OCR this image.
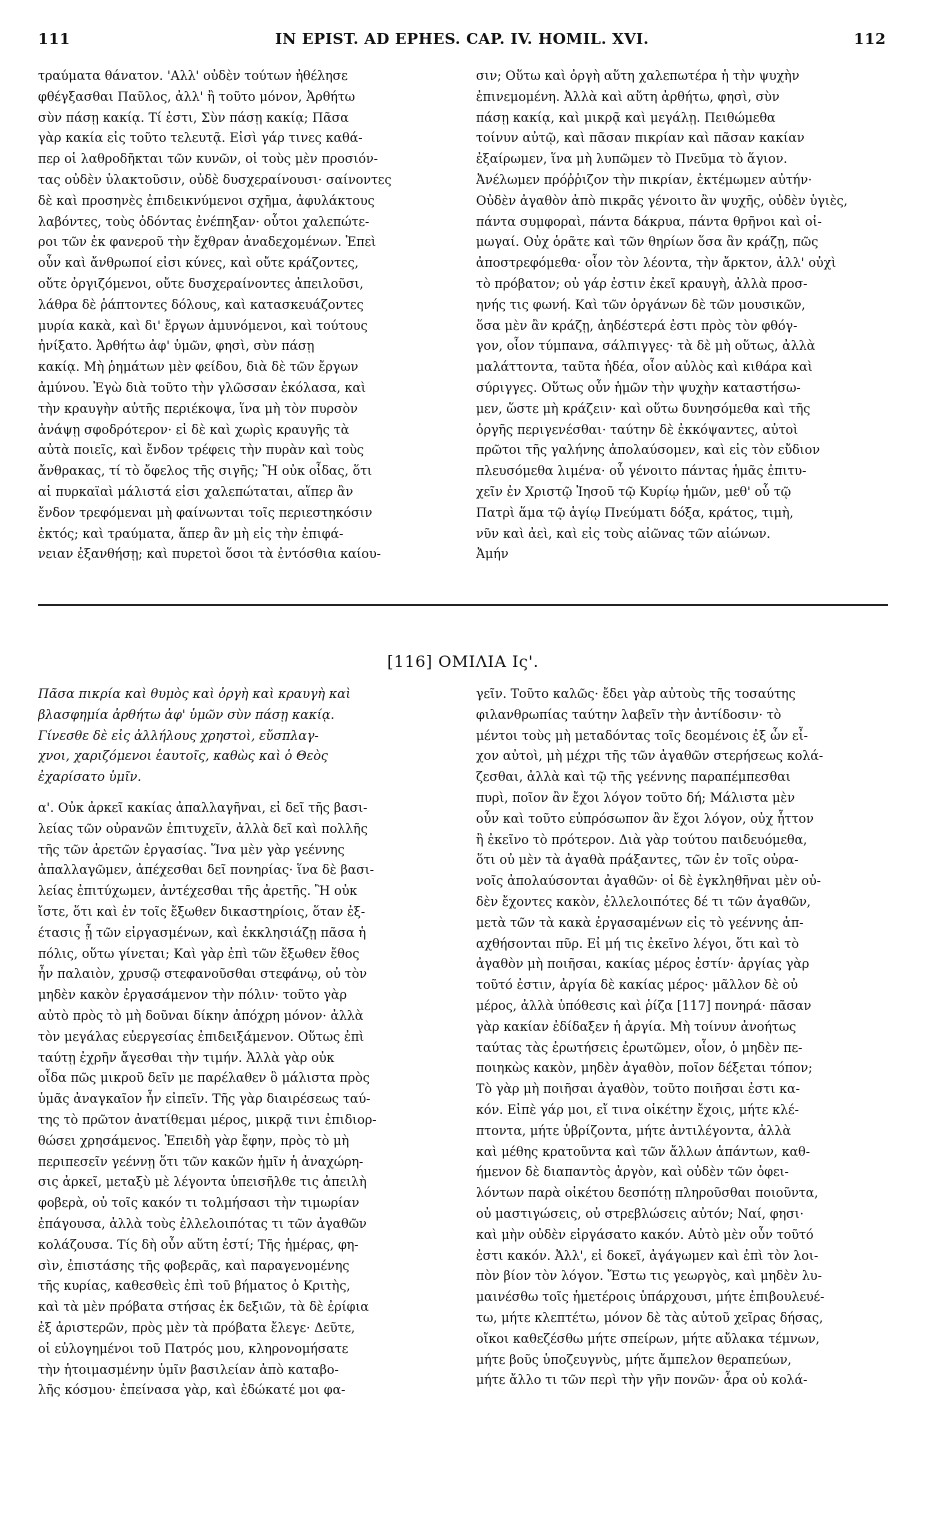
111	IN EPIST. AD EPHES. CAP. IV. HOMIL. XVI.	112
τραύματα θάνατον. 'Αλλ' οὐδὲν τούτων ἠθέλησε
φθέγξασθαι Παῦλος, ἀλλ' ἢ τοῦτο μόνον, Ἀρθήτω
σὺν πάσῃ κακίᾳ. Τί ἐστι, Σὺν πάσῃ κακίᾳ; Πᾶσα
γὰρ κακία εἰς τοῦτο τελευτᾷ. Εἰσὶ γάρ τινες καθά-
περ οἱ λαθροδῆκται τῶν κυνῶν, οἱ τοὺς μὲν προσιόν-
τας οὐδὲν ὑλακτοῦσιν, οὐδὲ δυσχεραίνουσι· σαίνοντες
δὲ καὶ προσηνὲς ἐπιδεικνύμενοι σχῆμα, ἀφυλάκτους
λαβόντες, τοὺς ὀδόντας ἐνέπηξαν· οὗτοι χαλεπώτε-
ροι τῶν ἐκ φανεροῦ τὴν ἔχθραν ἀναδεχομένων. Ἐπεὶ
οὖν καὶ ἄνθρωποί εἰσι κύνες, καὶ οὔτε κράζοντες,
οὔτε ὀργιζόμενοι, οὔτε δυσχεραίνοντες ἀπειλοῦσι,
λάθρα δὲ ῥάπτοντες δόλους, καὶ κατασκευάζοντες
μυρία κακὰ, καὶ δι' ἔργων ἀμυνόμενοι, καὶ τούτους
ἠνίξατο. Ἀρθήτω ἀφ' ὑμῶν, φησὶ, σὺν πάσῃ
κακίᾳ. Μὴ ῥημάτων μὲν φείδου, διὰ δὲ τῶν ἔργων
ἀμύνου. Ἐγὼ διὰ τοῦτο τὴν γλῶσσαν ἐκόλασα, καὶ
τὴν κραυγὴν αὐτῆς περιέκοψα, ἵνα μὴ τὸν πυρσὸν
ἀνάψῃ σφοδρότερον· εἰ δὲ καὶ χωρὶς κραυγῆς τὰ
αὐτὰ ποιεῖς, καὶ ἔνδον τρέφεις τὴν πυρὰν καὶ τοὺς
ἄνθρακας, τί τὸ ὄφελος τῆς σιγῆς; Ἢ οὐκ οἶδας, ὅτι
αἱ πυρκαϊαὶ μάλιστά εἰσι χαλεπώταται, αἵπερ ἂν
ἔνδον τρεφόμεναι μὴ φαίνωνται τοῖς περιεστηκόσιν
ἐκτός; καὶ τραύματα, ἅπερ ἂν μὴ εἰς τὴν ἐπιφά-
νειαν ἐξανθήσῃ; καὶ πυρετοὶ ὅσοι τὰ ἐντόσθια καίου-
σιν; Οὕτω καὶ ὀργὴ αὕτη χαλεπωτέρα ἡ τὴν ψυχὴν
ἐπινεμομένη. Ἀλλὰ καὶ αὕτη ἀρθήτω, φησὶ, σὺν
πάσῃ κακίᾳ, καὶ μικρᾷ καὶ μεγάλῃ. Πειθώμεθα
τοίνυν αὐτῷ, καὶ πᾶσαν πικρίαν καὶ πᾶσαν κακίαν
ἐξαίρωμεν, ἵνα μὴ λυπῶμεν τὸ Πνεῦμα τὸ ἅγιον.
Ἀνέλωμεν πρόῤῥιζον τὴν πικρίαν, ἐκτέμωμεν αὐτήν·
Οὐδὲν ἀγαθὸν ἀπὸ πικρᾶς γένοιτο ἂν ψυχῆς, οὐδὲν ὑγιὲς,
πάντα συμφοραὶ, πάντα δάκρυα, πάντα θρῆνοι καὶ οἰ-
μωγαί. Οὐχ ὁρᾶτε καὶ τῶν θηρίων ὅσα ἂν κράζῃ, πῶς
ἀποστρεφόμεθα· οἷον τὸν λέοντα, τὴν ἄρκτον, ἀλλ' οὐχὶ
τὸ πρόβατον; οὐ γάρ ἐστιν ἐκεῖ κραυγὴ, ἀλλὰ προσ-
ηνής τις φωνή. Καὶ τῶν ὀργάνων δὲ τῶν μουσικῶν,
ὅσα μὲν ἂν κράζῃ, ἀηδέστερά ἐστι πρὸς τὸν φθόγ-
γον, οἷον τύμπανα, σάλπιγγες· τὰ δὲ μὴ οὕτως, ἀλλὰ
μαλάττοντα, ταῦτα ἡδέα, οἷον αὐλὸς καὶ κιθάρα καὶ
σύριγγες. Οὕτως οὖν ἡμῶν τὴν ψυχὴν καταστήσω-
μεν, ὥστε μὴ κράζειν· καὶ οὕτω δυνησόμεθα καὶ τῆς
ὀργῆς περιγενέσθαι· ταύτην δὲ ἐκκόψαντες, αὐτοὶ
πρῶτοι τῆς γαλήνης ἀπολαύσομεν, καὶ εἰς τὸν εὔδιον
πλευσόμεθα λιμένα· οὗ γένοιτο πάντας ἡμᾶς ἐπιτυ-
χεῖν ἐν Χριστῷ Ἰησοῦ τῷ Κυρίῳ ἡμῶν, μεθ' οὗ τῷ
Πατρὶ ἅμα τῷ ἁγίῳ Πνεύματι δόξα, κράτος, τιμὴ,
νῦν καὶ ἀεὶ, καὶ εἰς τοὺς αἰῶνας τῶν αἰώνων.
Ἀμήν
[116] ΟΜΙΛΙΑ Ις'.
Πᾶσα πικρία καὶ θυμὸς καὶ ὀργὴ καὶ κραυγὴ καὶ
βλασφημία ἀρθήτω ἀφ' ὑμῶν σὺν πάσῃ κακίᾳ.
Γίνεσθε δὲ εἰς ἀλλήλους χρηστοὶ, εὔσπλαγ-
χνοι, χαριζόμενοι ἑαυτοῖς, καθὼς καὶ ὁ Θεὸς
ἐχαρίσατο ὑμῖν.
α'. Οὐκ ἀρκεῖ κακίας ἀπαλλαγῆναι, εἰ δεῖ τῆς βασι-
λείας τῶν οὐρανῶν ἐπιτυχεῖν, ἀλλὰ δεῖ καὶ πολλῆς
τῆς τῶν ἀρετῶν ἐργασίας. Ἵνα μὲν γὰρ γεέννης
ἀπαλλαγῶμεν, ἀπέχεσθαι δεῖ πονηρίας· ἵνα δὲ βασι-
λείας ἐπιτύχωμεν, ἀντέχεσθαι τῆς ἀρετῆς. Ἢ οὐκ
ἴστε, ὅτι καὶ ἐν τοῖς ἔξωθεν δικαστηρίοις, ὅταν ἐξ-
έτασις ᾖ τῶν εἰργασμένων, καὶ ἐκκλησιάζῃ πᾶσα ἡ
πόλις, οὕτω γίνεται; Καὶ γὰρ ἐπὶ τῶν ἔξωθεν ἔθος
ἦν παλαιὸν, χρυσῷ στεφανοῦσθαι στεφάνῳ, οὐ τὸν
μηδὲν κακὸν ἐργασάμενον τὴν πόλιν· τοῦτο γὰρ
αὐτὸ πρὸς τὸ μὴ δοῦναι δίκην ἀπόχρη μόνον· ἀλλὰ
τὸν μεγάλας εὐεργεσίας ἐπιδειξάμενον. Οὕτως ἐπὶ
ταύτῃ ἐχρῆν ἄγεσθαι τὴν τιμήν. Ἀλλὰ γὰρ οὐκ
οἶδα πῶς μικροῦ δεῖν με παρέλαθεν ὃ μάλιστα πρὸς
ὑμᾶς ἀναγκαῖον ἦν εἰπεῖν. Τῆς γὰρ διαιρέσεως ταύ-
της τὸ πρῶτον ἀνατίθεμαι μέρος, μικρᾷ τινι ἐπιδιορ-
θώσει χρησάμενος. Ἐπειδὴ γὰρ ἔφην, πρὸς τὸ μὴ
περιπεσεῖν γεέννῃ ὅτι τῶν κακῶν ἡμῖν ἡ ἀναχώρη-
σις ἀρκεῖ, μεταξὺ μὲ λέγοντα ὑπεισῆλθε τις ἀπειλὴ
φοβερὰ, οὐ τοῖς κακόν τι τολμήσασι τὴν τιμωρίαν
ἐπάγουσα, ἀλλὰ τοὺς ἐλλελοιπότας τι τῶν ἀγαθῶν
κολάζουσα. Τίς δὴ οὖν αὕτη ἐστί; Τῆς ἡμέρας, φη-
σὶν, ἐπιστάσης τῆς φοβερᾶς, καὶ παραγενομένης
τῆς κυρίας, καθεσθεὶς ἐπὶ τοῦ βήματος ὁ Κριτὴς,
καὶ τὰ μὲν πρόβατα στήσας ἐκ δεξιῶν, τὰ δὲ ἐρίφια
ἐξ ἀριστερῶν, πρὸς μὲν τὰ πρόβατα ἔλεγε· Δεῦτε,
οἱ εὐλογημένοι τοῦ Πατρός μου, κληρονομήσατε
τὴν ἡτοιμασμένην ὑμῖν βασιλείαν ἀπὸ καταβο-
λῆς κόσμου· ἐπείνασα γὰρ, καὶ ἐδώκατέ μοι φα-
γεῖν. Τοῦτο καλῶς· ἔδει γὰρ αὐτοὺς τῆς τοσαύτης
φιλανθρωπίας ταύτην λαβεῖν τὴν ἀντίδοσιν· τὸ
μέντοι τοὺς μὴ μεταδόντας τοῖς δεομένοις ἐξ ὧν εἶ-
χον αὐτοὶ, μὴ μέχρι τῆς τῶν ἀγαθῶν στερήσεως κολά-
ζεσθαι, ἀλλὰ καὶ τῷ τῆς γεέννης παραπέμπεσθαι
πυρὶ, ποῖον ἂν ἔχοι λόγον τοῦτο δή; Μάλιστα μὲν
οὖν καὶ τοῦτο εὐπρόσωπον ἂν ἔχοι λόγον, οὐχ ἧττον
ἢ ἐκεῖνο τὸ πρότερον. Διὰ γὰρ τούτου παιδευόμεθα,
ὅτι οὐ μὲν τὰ ἀγαθὰ πράξαντες, τῶν ἐν τοῖς οὐρα-
νοῖς ἀπολαύσονται ἀγαθῶν· οἱ δὲ ἐγκληθῆναι μὲν οὐ-
δὲν ἔχοντες κακὸν, ἐλλελοιπότες δέ τι τῶν ἀγαθῶν,
μετὰ τῶν τὰ κακὰ ἐργασαμένων εἰς τὸ γεέννης ἀπ-
αχθήσονται πῦρ. Εἰ μή τις ἐκεῖνο λέγοι, ὅτι καὶ τὸ
ἀγαθὸν μὴ ποιῆσαι, κακίας μέρος ἐστίν· ἀργίας γὰρ
τοῦτό ἐστιν, ἀργία δὲ κακίας μέρος· μᾶλλον δὲ οὐ
μέρος, ἀλλὰ ὑπόθεσις καὶ ῥίζα [117] πονηρά· πᾶσαν
γὰρ κακίαν ἐδίδαξεν ἡ ἀργία. Μὴ τοίνυν ἀνοήτως
ταύτας τὰς ἐρωτήσεις ἐρωτῶμεν, οἷον, ὁ μηδὲν πε-
ποιηκὼς κακὸν, μηδὲν ἀγαθὸν, ποῖον δέξεται τόπον;
Τὸ γὰρ μὴ ποιῆσαι ἀγαθὸν, τοῦτο ποιῆσαι ἐστι κα-
κόν. Εἰπὲ γάρ μοι, εἴ τινα οἰκέτην ἔχοις, μήτε κλέ-
πτοντα, μήτε ὑβρίζοντα, μήτε ἀντιλέγοντα, ἀλλὰ
καὶ μέθης κρατοῦντα καὶ τῶν ἄλλων ἁπάντων, καθ-
ήμενον δὲ διαπαντὸς ἀργὸν, καὶ οὐδὲν τῶν ὀφει-
λόντων παρὰ οἰκέτου δεσπότῃ πληροῦσθαι ποιοῦντα,
οὐ μαστιγώσεις, οὐ στρεβλώσεις αὐτόν; Ναί, φησι·
καὶ μὴν οὐδὲν εἰργάσατο κακόν. Αὐτὸ μὲν οὖν τοῦτό
ἐστι κακόν. Ἀλλ', εἰ δοκεῖ, ἀγάγωμεν καὶ ἐπὶ τὸν λοι-
πὸν βίον τὸν λόγον. Ἔστω τις γεωργὸς, καὶ μηδὲν λυ-
μαινέσθω τοῖς ἡμετέροις ὑπάρχουσι, μήτε ἐπιβουλευέ-
τω, μήτε κλεπτέτω, μόνον δὲ τὰς αὐτοῦ χεῖρας δήσας,
οἴκοι καθεζέσθω μήτε σπείρων, μήτε αὔλακα τέμνων,
μήτε βοῦς ὑποζευγνὺς, μήτε ἄμπελον θεραπεύων,
μήτε ἄλλο τι τῶν περὶ τὴν γῆν πονῶν· ἆρα οὐ κολά-
